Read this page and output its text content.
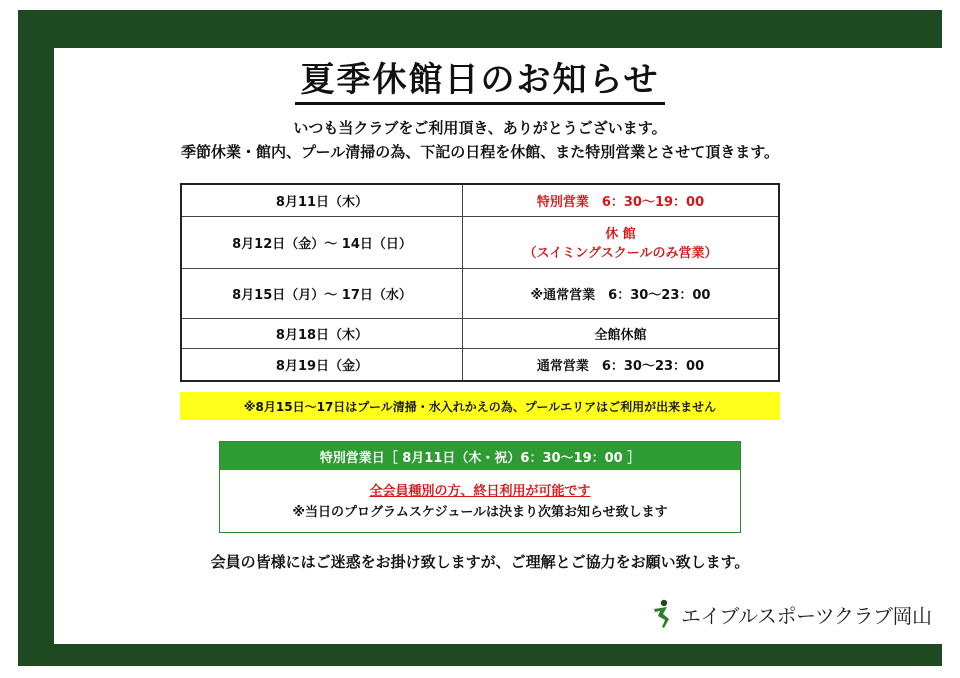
夏季休館日のお知らせ
いつも当クラブをご利用頂き、ありがとうございます。
季節休業・館内、プール清掃の為、下記の日程を休館、また特別営業とさせて頂きます。
8月11日（木）	特別営業　6：30〜19：00
8月12日（金）～ 14日（日）	休 館
（スイミングスクールのみ営業）

8月15日（月）～ 17日（水）	※通常営業　6：30〜23：00
8月18日（木）	全館休館
8月19日（金）	通常営業　6：30〜23：00
※8月15日～17日はプール清掃・水入れかえの為、プールエリアはご利用が出来ません
特別営業日［ 8月11日（木・祝）6：30〜19：00 ］
全会員種別の方、終日利用が可能です
※当日のプログラムスケジュールは決まり次第お知らせ致します
会員の皆様にはご迷惑をお掛け致しますが、ご理解とご協力をお願い致します。
エイブルスポーツクラブ岡山
